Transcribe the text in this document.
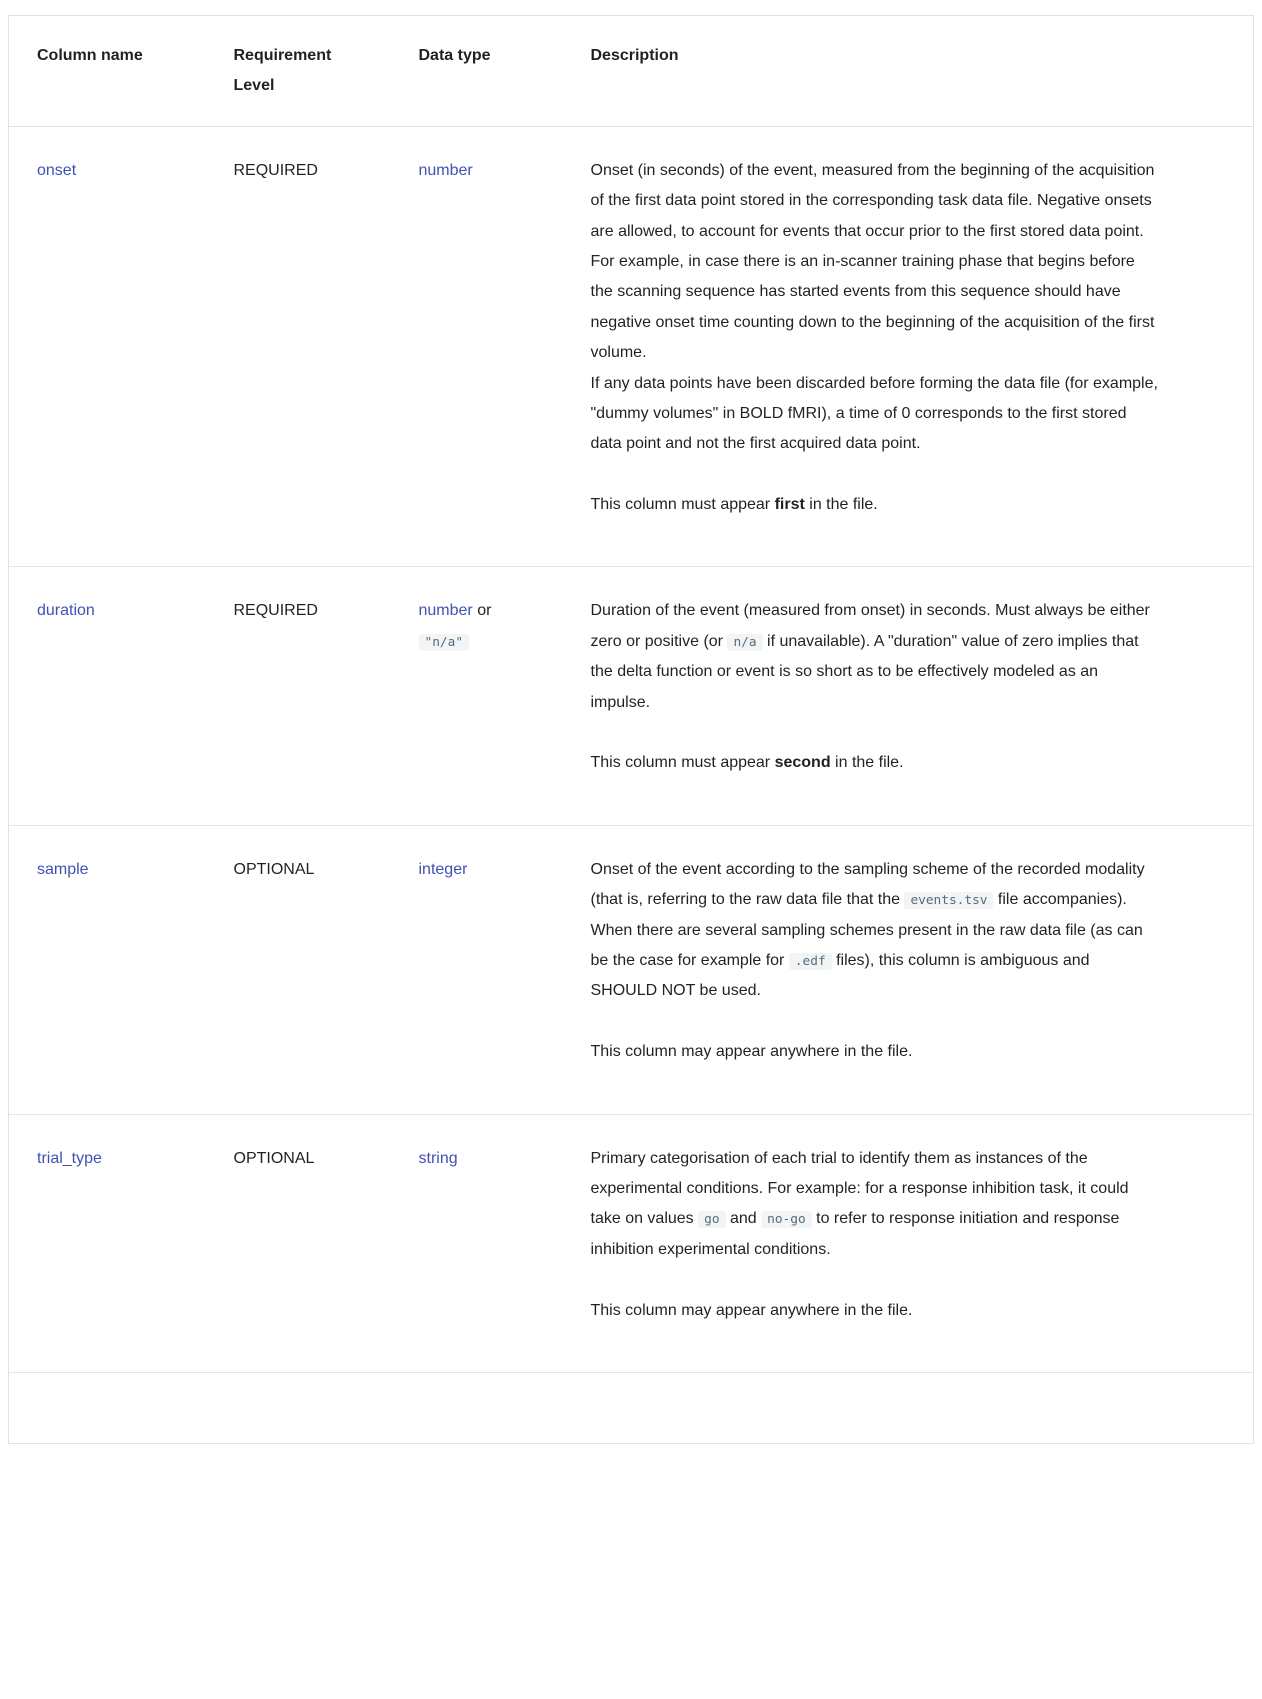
Column name	Requirement Level	Data type	Description
onset	REQUIRED	number	Onset (in seconds) of the event, measured from the beginning of the acquisition of the first data point stored in the corresponding task data file. Negative onsets are allowed, to account for events that occur prior to the first stored data point. For example, in case there is an in-scanner training phase that begins before the scanning sequence has started events from this sequence should have negative onset time counting down to the beginning of the acquisition of the first volume.
If any data points have been discarded before forming the data file (for example, "dummy volumes" in BOLD fMRI), a time of 0 corresponds to the first stored data point and not the first acquired data point.

This column must appear first in the file.

duration	REQUIRED	number or "n/a"	Duration of the event (measured from onset) in seconds. Must always be either zero or positive (or n/a if unavailable). A "duration" value of zero implies that the delta function or event is so short as to be effectively modeled as an impulse.

This column must appear second in the file.

sample	OPTIONAL	integer	Onset of the event according to the sampling scheme of the recorded modality (that is, referring to the raw data file that the events.tsv file accompanies). When there are several sampling schemes present in the raw data file (as can be the case for example for .edf files), this column is ambiguous and SHOULD NOT be used.

This column may appear anywhere in the file.

trial_type	OPTIONAL	string	Primary categorisation of each trial to identify them as instances of the experimental conditions. For example: for a response inhibition task, it could take on values go and no-go to refer to response initiation and response inhibition experimental conditions.

This column may appear anywhere in the file.
